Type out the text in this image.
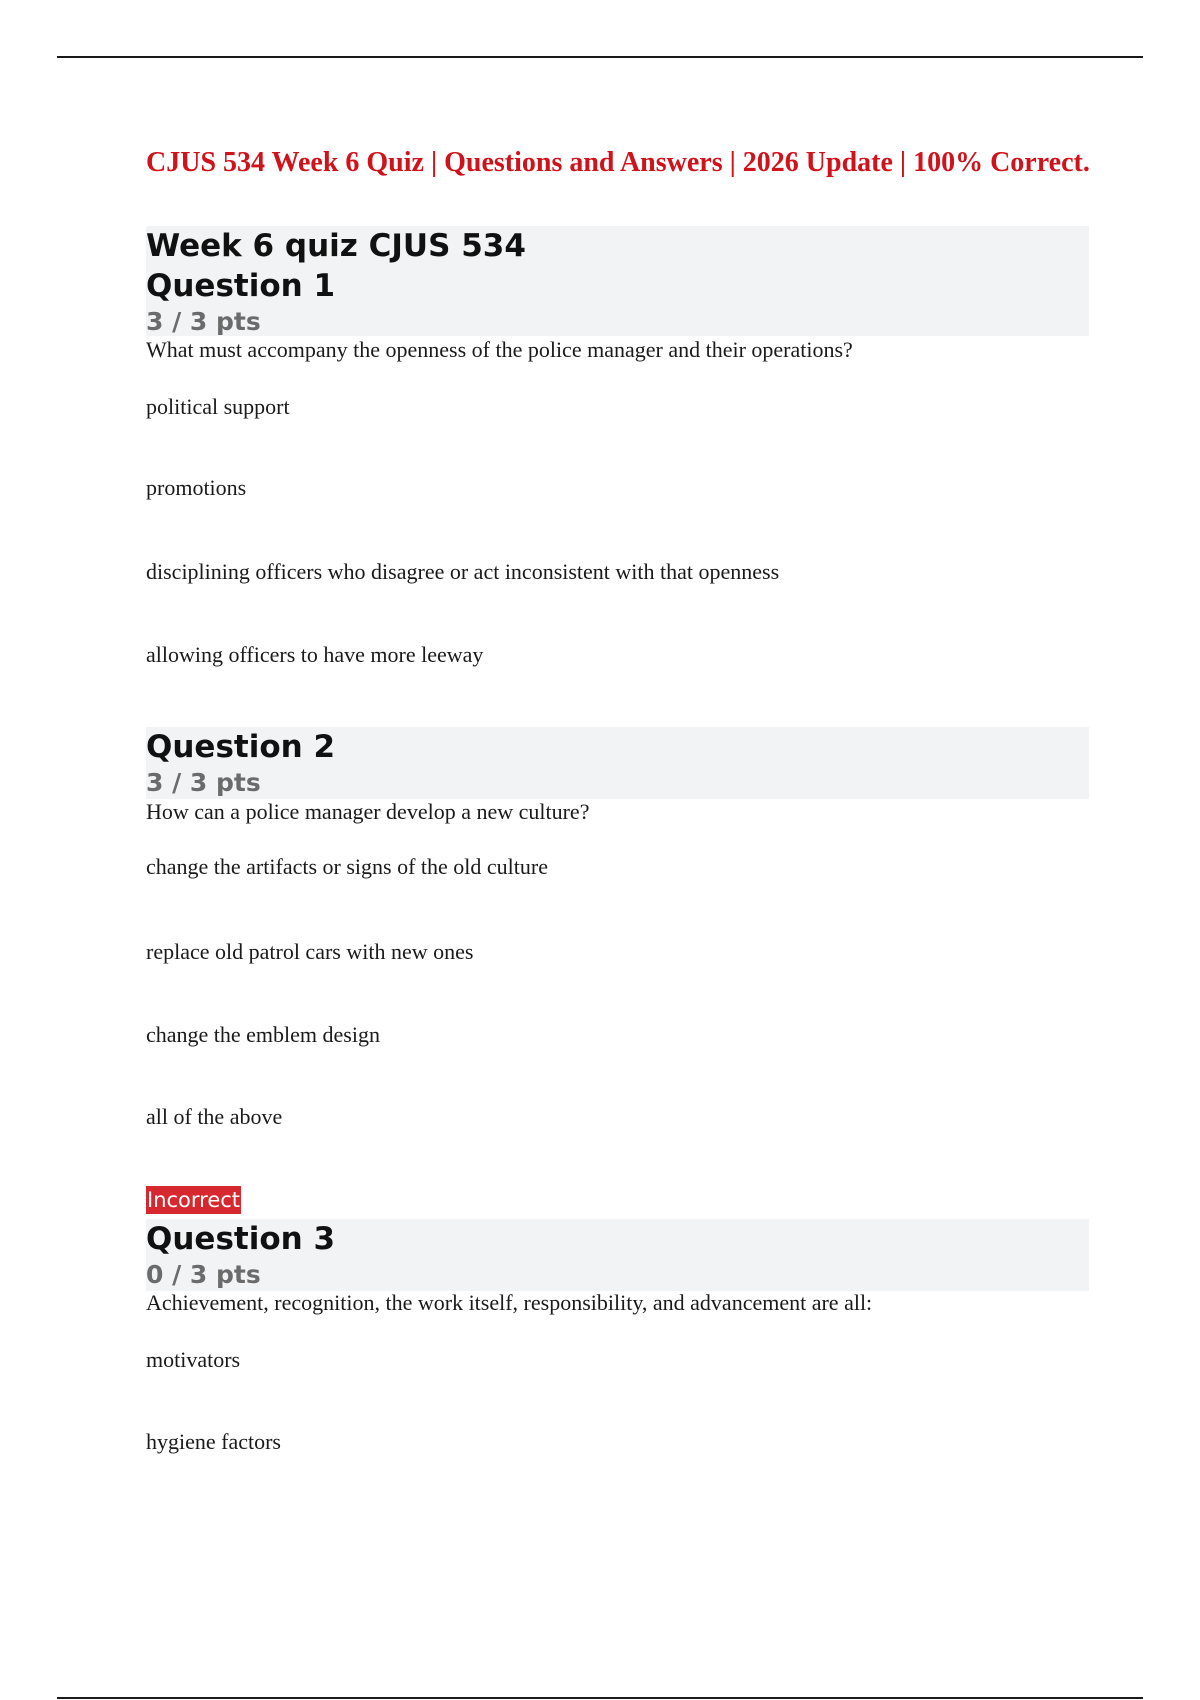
CJUS 534 Week 6 Quiz | Questions and Answers | 2026 Update | 100% Correct.
Week 6 quiz CJUS 534
Question 1
3 / 3 pts
What must accompany the openness of the police manager and their operations?
political support
promotions
disciplining officers who disagree or act inconsistent with that openness
allowing officers to have more leeway
Question 2
3 / 3 pts
How can a police manager develop a new culture?
change the artifacts or signs of the old culture
replace old patrol cars with new ones
change the emblem design
all of the above
Incorrect
Question 3
0 / 3 pts
Achievement, recognition, the work itself, responsibility, and advancement are all:
motivators
hygiene factors
